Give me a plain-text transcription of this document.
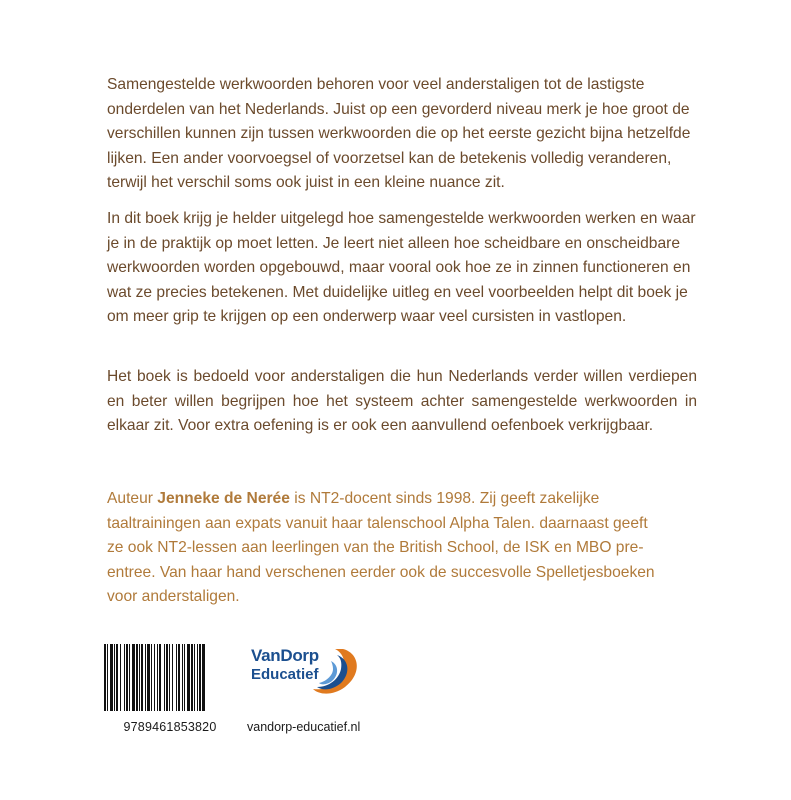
Samengestelde werkwoorden behoren voor veel anderstaligen tot de lastigste onderdelen van het Nederlands. Juist op een gevorderd niveau merk je hoe groot de verschillen kunnen zijn tussen werkwoorden die op het eerste gezicht bijna hetzelfde lijken. Een ander voorvoegsel of voorzetsel kan de betekenis volledig veranderen, terwijl het verschil soms ook juist in een kleine nuance zit.

In dit boek krijg je helder uitgelegd hoe samengestelde werkwoorden werken en waar je in de praktijk op moet letten. Je leert niet alleen hoe scheidbare en onscheidbare werkwoorden worden opgebouwd, maar vooral ook hoe ze in zinnen functioneren en wat ze precies betekenen. Met duidelijke uitleg en veel voorbeelden helpt dit boek je om meer grip te krijgen op een onderwerp waar veel cursisten in vastlopen.

Het boek is bedoeld voor anderstaligen die hun Nederlands verder willen verdiepen en beter willen begrijpen hoe het systeem achter samengestelde werkwoorden in elkaar zit. Voor extra oefening is er ook een aanvullend oefenboek verkrijgbaar.

Auteur Jenneke de Nerée is NT2-docent sinds 1998. Zij geeft zakelijke taaltrainingen aan expats vanuit haar talenschool Alpha Talen. daarnaast geeft ze ook NT2-lessen aan leerlingen van the British School, de ISK en MBO pre-entree. Van haar hand verschenen eerder ook de succesvolle Spelletjesboeken voor anderstaligen.

9789461853820
VanDorp
Educatief
vandorp-educatief.nl
